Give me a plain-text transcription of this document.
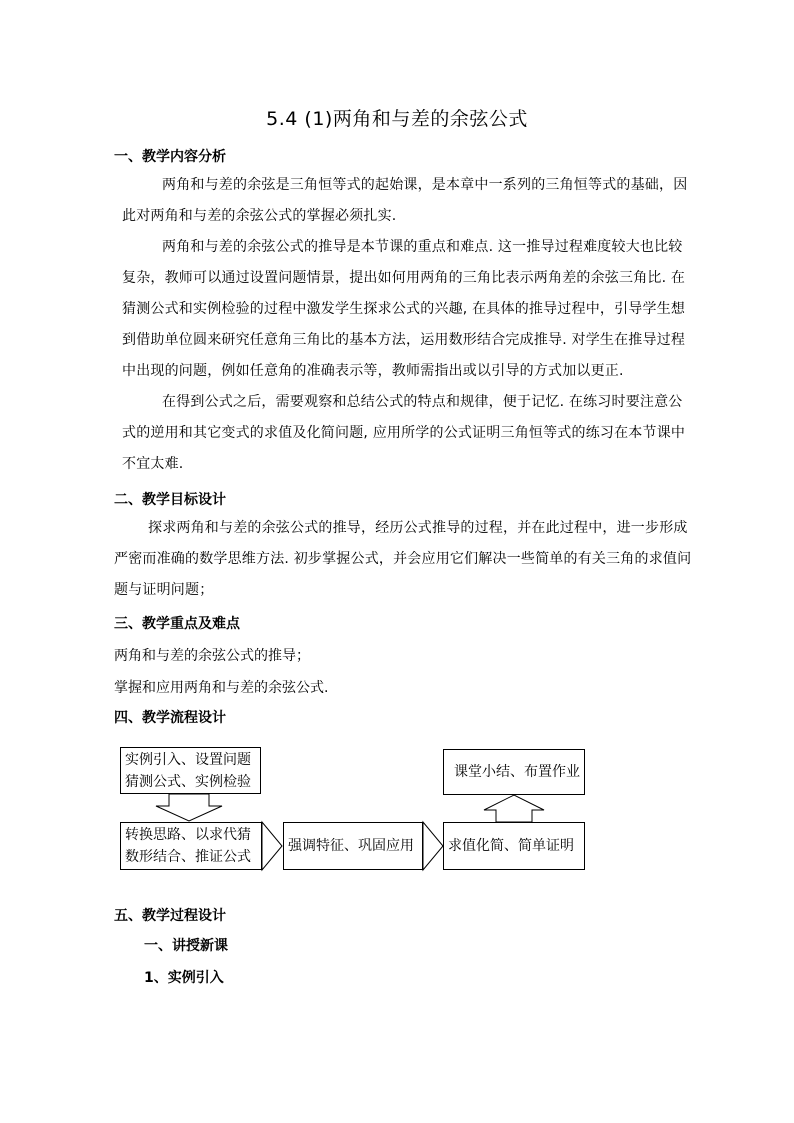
5.4 (1)两角和与差的余弦公式
一、教学内容分析
两角和与差的余弦是三角恒等式的起始课，是本章中一系列的三角恒等式的基础，因
此对两角和与差的余弦公式的掌握必须扎实.
两角和与差的余弦公式的推导是本节课的重点和难点. 这一推导过程难度较大也比较
复杂，教师可以通过设置问题情景，提出如何用两角的三角比表示两角差的余弦三角比. 在
猜测公式和实例检验的过程中激发学生探求公式的兴趣, 在具体的推导过程中，引导学生想
到借助单位圆来研究任意角三角比的基本方法，运用数形结合完成推导. 对学生在推导过程
中出现的问题，例如任意角的准确表示等，教师需指出或以引导的方式加以更正.
在得到公式之后，需要观察和总结公式的特点和规律，便于记忆. 在练习时要注意公
式的逆用和其它变式的求值及化简问题, 应用所学的公式证明三角恒等式的练习在本节课中
不宜太难.
二、教学目标设计
探求两角和与差的余弦公式的推导，经历公式推导的过程，并在此过程中，进一步形成
严密而准确的数学思维方法. 初步掌握公式，并会应用它们解决一些简单的有关三角的求值问
题与证明问题；
三、教学重点及难点
两角和与差的余弦公式的推导；
掌握和应用两角和与差的余弦公式.
四、教学流程设计
实例引入、设置问题
猜测公式、实例检验
转换思路、以求代猜
数形结合、推证公式
强调特征、巩固应用	求值化简、简单证明
课堂小结、布置作业
五、教学过程设计
一、讲授新课
1、实例引入
